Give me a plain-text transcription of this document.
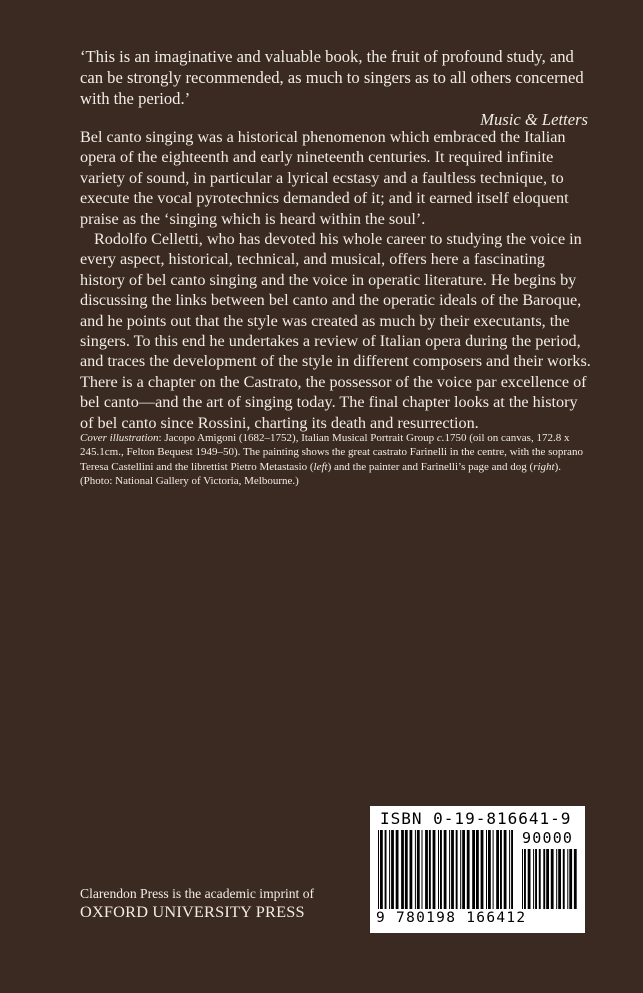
‘This is an imaginative and valuable book, the fruit of profound study, and can be strongly recommended, as much to singers as to all others concerned with the period.’
Music & Letters

Bel canto singing was a historical phenomenon which embraced the Italian opera of the eighteenth and early nineteenth centuries. It required infinite variety of sound, in particular a lyrical ecstasy and a faultless technique, to execute the vocal pyrotechnics demanded of it; and it earned itself eloquent praise as the ‘singing which is heard within the soul’.

Rodolfo Celletti, who has devoted his whole career to studying the voice in every aspect, historical, technical, and musical, offers here a fascinating history of bel canto singing and the voice in operatic literature. He begins by discussing the links between bel canto and the operatic ideals of the Baroque, and he points out that the style was created as much by their executants, the singers. To this end he undertakes a review of Italian opera during the period, and traces the development of the style in different composers and their works. There is a chapter on the Castrato, the possessor of the voice par excellence of bel canto—and the art of singing today. The final chapter looks at the history of bel canto since Rossini, charting its death and resurrection.

Cover illustration: Jacopo Amigoni (1682–1752), Italian Musical Portrait Group c.1750 (oil on canvas, 172.8 x 245.1cm., Felton Bequest 1949–50). The painting shows the great castrato Farinelli in the centre, with the soprano Teresa Castellini and the librettist Pietro Metastasio (left) and the painter and Farinelli’s page and dog (right). (Photo: National Gallery of Victoria, Melbourne.)
Clarendon Press is the academic imprint of
OXFORD UNIVERSITY PRESS
ISBN 0-19-816641-9
90000
9 780198 166412
